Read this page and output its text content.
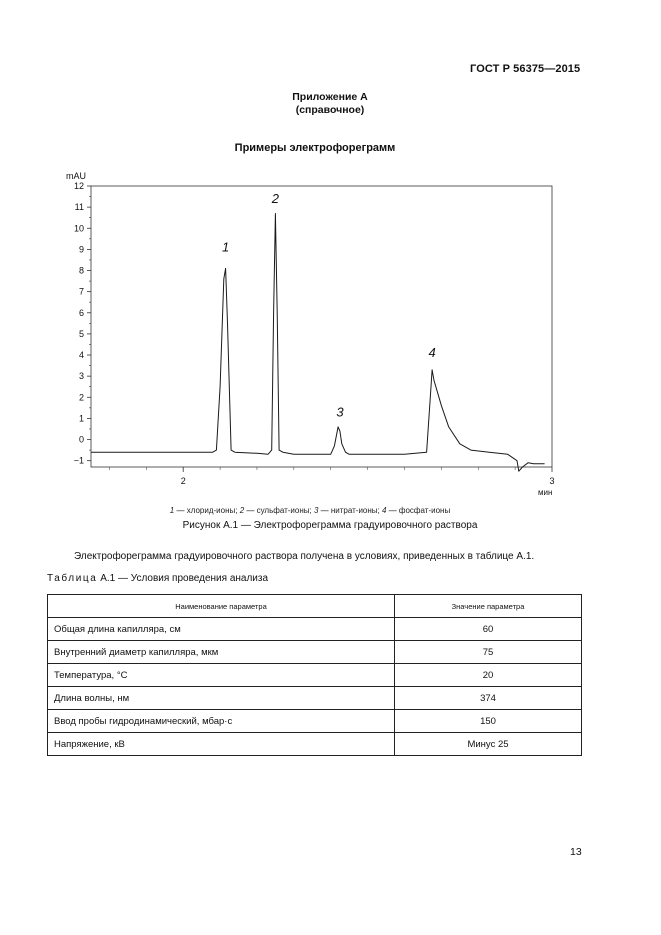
ГОСТ Р 56375—2015
Приложение А
(справочное)
Примеры электрофореграмм
−1
0
1
2
3
4
5
6
7
8
9
10
11
12
2	3
mAU
мин
1
2
3
4
1 — хлорид-ионы; 2 — сульфат-ионы; 3 — нитрат-ионы; 4 — фосфат-ионы
Рисунок А.1 — Электрофореграмма градуировочного раствора
Электрофореграмма градуировочного раствора получена в условиях, приведенных в таблице А.1.
Таблица А.1 — Условия проведения анализа
Наименование параметра	Значение параметра
Общая длина капилляра, см	60
Внутренний диаметр капилляра, мкм	75
Температура, °С	20
Длина волны, нм	374
Ввод пробы гидродинамический, мбар·с	150
Напряжение, кВ	Минус 25
13
